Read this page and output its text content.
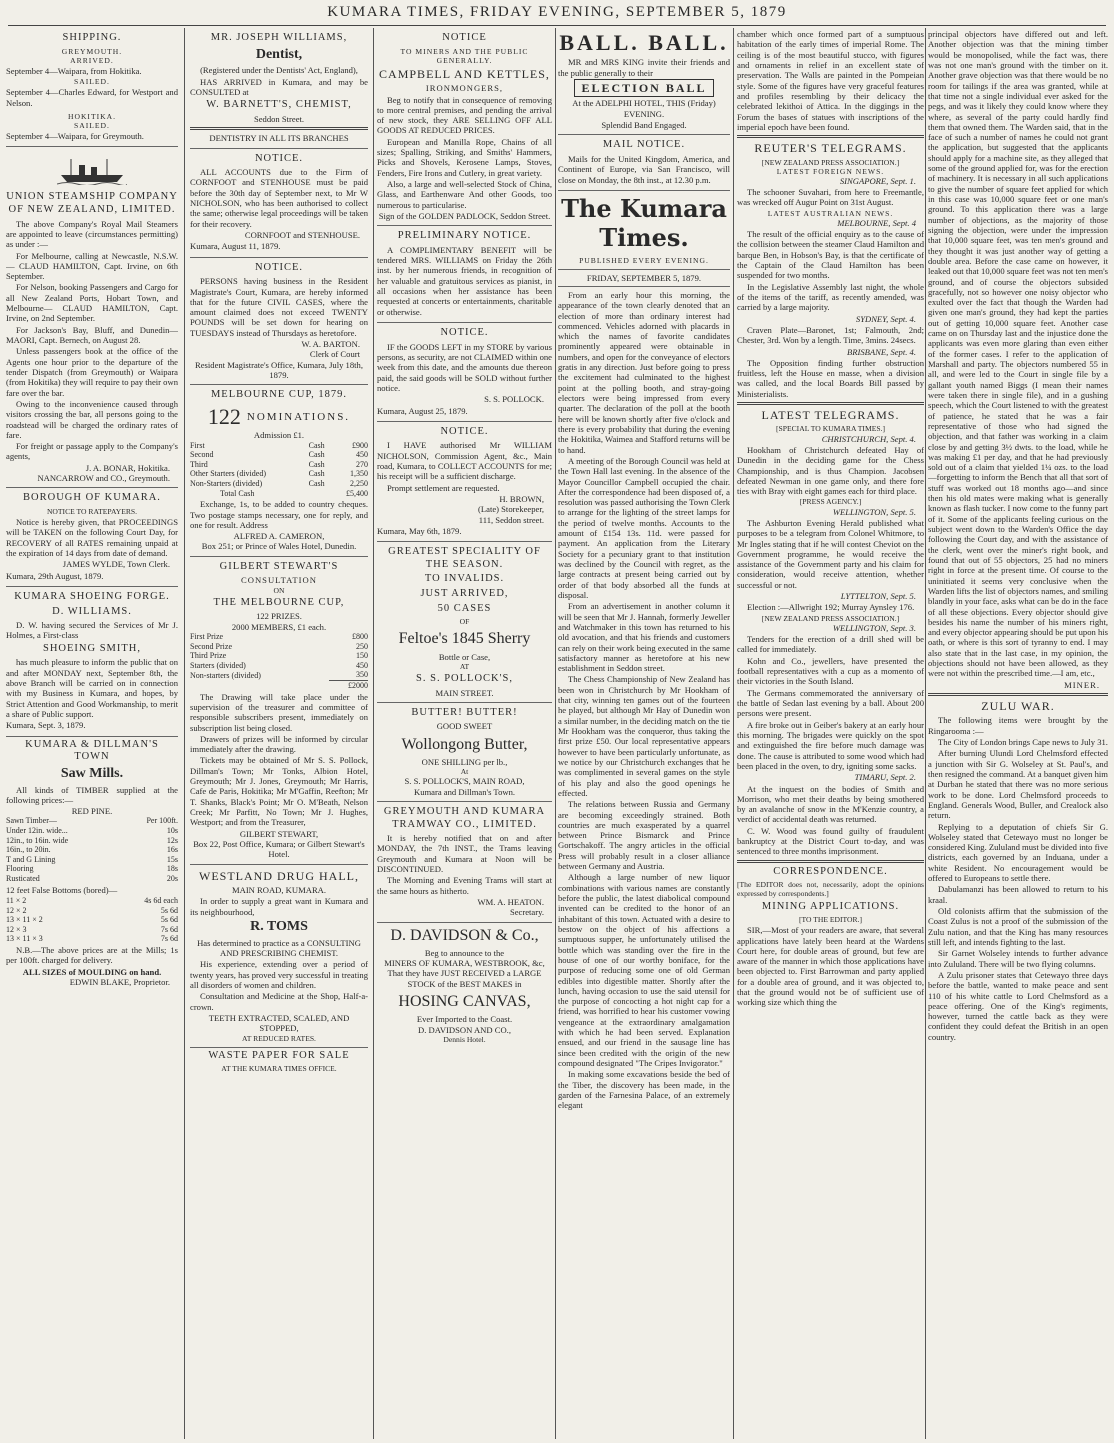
KUMARA TIMES, FRIDAY EVENING, SEPTEMBER 5, 1879
SHIPPING.
GREYMOUTH.
ARRIVED.

September 4—Waipara, from Hokitika.

SAILED.

September 4—Charles Edward, for Westport and Nelson.

HOKITIKA.
SAILED.

September 4—Waipara, for Greymouth.

UNION STEAMSHIP COMPANY OF NEW ZEALAND, LIMITED.

The above Company's Royal Mail Steamers are appointed to leave (circumstances permitting) as under :—

For Melbourne, calling at Newcastle, N.S.W.— CLAUD HAMILTON, Capt. Irvine, on 6th September.

For Nelson, booking Passengers and Cargo for all New Zealand Ports, Hobart Town, and Melbourne— CLAUD HAMILTON, Capt. Irvine, on 2nd September.

For Jackson's Bay, Bluff, and Dunedin— MAORI, Capt. Bernech, on August 28.

Unless passengers book at the office of the Agents one hour prior to the departure of the tender Dispatch (from Greymouth) or Waipara (from Hokitika) they will require to pay their own fare over the bar.

Owing to the inconvenience caused through visitors crossing the bar, all persons going to the roadstead will be charged the ordinary rates of fare.

For freight or passage apply to the Company's agents,

J. A. BONAR, Hokitika.
NANCARROW and CO., Greymouth.
BOROUGH OF KUMARA.
NOTICE TO RATEPAYERS.

Notice is hereby given, that PROCEEDINGS will be TAKEN on the following Court Day, for RECOVERY of all RATES remaining unpaid at the expiration of 14 days from date of demand.

JAMES WYLDE, Town Clerk.

Kumara, 29th August, 1879.

KUMARA SHOEING FORGE.
D. WILLIAMS.

D. W. having secured the Services of Mr J. Holmes, a First-class

SHOEING SMITH,

has much pleasure to inform the public that on and after MONDAY next, September 8th, the above Branch will be carried on in connection with my Business in Kumara, and hopes, by Strict Attention and Good Workmanship, to merit a share of Public support.

Kumara, Sept. 3, 1879.

KUMARA & DILLMAN'S TOWN
Saw Mills.

All kinds of TIMBER supplied at the following prices:—

RED PINE.
Sawn Timber—	Per 100ft.
Under 12in. wide...	10s
12in., to 16in. wide	12s
16in., to 20in.	16s
T and G Lining	15s
Flooring	18s
Rusticated	20s

12 feet False Bottoms (bored)—

11 × 2	4s 6d each
12 × 2	5s 6d
13 × 11 × 2	5s 6d
12 × 3	7s 6d
13 × 11 × 3	7s 6d

N.B.—The above prices are at the Mills; 1s per 100ft. charged for delivery.

ALL SIZES of MOULDING on hand.
EDWIN BLAKE, Proprietor.
MR. JOSEPH WILLIAMS,
Dentist,
(Registered under the Dentists' Act, England),

HAS ARRIVED in Kumara, and may be CONSULTED at

W. BARNETT'S, CHEMIST,
Seddon Street.
DENTISTRY IN ALL ITS BRANCHES
NOTICE.

ALL ACCOUNTS due to the Firm of CORNFOOT and STENHOUSE must be paid before the 30th day of September next, to Mr W NICHOLSON, who has been authorised to collect the same; otherwise legal proceedings will be taken for their recovery.

CORNFOOT and STENHOUSE.

Kumara, August 11, 1879.

NOTICE.

PERSONS having business in the Resident Magistrate's Court, Kumara, are hereby informed that for the future CIVIL CASES, where the amount claimed does not exceed TWENTY POUNDS will be set down for hearing on TUESDAYS instead of Thursdays as heretofore.

W. A. BARTON.
Clerk of Court
Resident Magistrate's Office, Kumara, July 18th, 1879.
MELBOURNE CUP, 1879.
122 NOMINATIONS.
Admission £1.
First	Cash	£900
Second	Cash	450
Third	Cash	270
Other Starters (divided)	Cash	1,350
Non-Starters (divided)	Cash	2,250
Total Cash		£5,400

Exchange, 1s, to be added to country cheques. Two postage stamps necessary, one for reply, and one for result. Address

ALFRED A. CAMERON,
Box 251; or Prince of Wales Hotel, Dunedin.
GILBERT STEWART'S
CONSULTATION
ON
THE MELBOURNE CUP,
122 PRIZES.
2000 MEMBERS, £1 each.
First Prize	£800
Second Prize	250
Third Prize	150
Starters (divided)	450
Non-starters (divided)	350
	£2000

The Drawing will take place under the supervision of the treasurer and committee of responsible subscribers present, immediately on subscription list being closed.

Drawers of prizes will be informed by circular immediately after the drawing.

Tickets may be obtained of Mr S. S. Pollock, Dillman's Town; Mr Tonks, Albion Hotel, Greymouth; Mr J. Jones, Greymouth; Mr Harris, Cafe de Paris, Hokitika; Mr M'Gaffin, Reefton; Mr T. Shanks, Black's Point; Mr O. M'Beath, Nelson Creek; Mr Parfitt, No Town; Mr J. Hughes, Westport; and from the Treasurer,

GILBERT STEWART,
Box 22, Post Office, Kumara; or Gilbert Stewart's Hotel.
WESTLAND DRUG HALL,
MAIN ROAD, KUMARA.

In order to supply a great want in Kumara and its neighbourhood,

R. TOMS
Has determined to practice as a CONSULTING AND PRESCRIBING CHEMIST.

His experience, extending over a period of twenty years, has proved very successful in treating all disorders of women and children.

Consultation and Medicine at the Shop, Half-a-crown.

TEETH EXTRACTED, SCALED, AND STOPPED,
AT REDUCED RATES.
WASTE PAPER FOR SALE
AT THE KUMARA TIMES OFFICE.
NOTICE
TO MINERS AND THE PUBLIC GENERALLY.
CAMPBELL AND KETTLES,
IRONMONGERS,

Beg to notify that in consequence of removing to more central premises, and pending the arrival of new stock, they ARE SELLING OFF ALL GOODS AT REDUCED PRICES.

European and Manilla Rope, Chains of all sizes; Spalling, Striking, and Smiths' Hammers, Picks and Shovels, Kerosene Lamps, Stoves, Fenders, Fire Irons and Cutlery, in great variety.

Also, a large and well-selected Stock of China, Glass, and Earthenware And other Goods, too numerous to particularise.

Sign of the GOLDEN PADLOCK, Seddon Street.
PRELIMINARY NOTICE.

A COMPLIMENTARY BENEFIT will be tendered MRS. WILLIAMS on Friday the 26th inst. by her numerous friends, in recognition of her valuable and gratuitous services as pianist, in all occasions when her assistance has been requested at concerts or entertainments, charitable or otherwise.

NOTICE.

IF the GOODS LEFT in my STORE by various persons, as security, are not CLAIMED within one week from this date, and the amounts due thereon paid, the said goods will be SOLD without further notice.

S. S. POLLOCK.

Kumara, August 25, 1879.

NOTICE.

I HAVE authorised Mr WILLIAM NICHOLSON, Commission Agent, &c., Main road, Kumara, to COLLECT ACCOUNTS for me; his receipt will be a sufficient discharge.

Prompt settlement are requested.

H. BROWN,
(Late) Storekeeper,
111, Seddon street.

Kumara, May 6th, 1879.

GREATEST SPECIALITY OF THE SEASON.
TO INVALIDS.
JUST ARRIVED,
50 CASES
OF
Feltoe's 1845 Sherry
Bottle or Case,
AT
S. S. POLLOCK'S,
MAIN STREET.
BUTTER! BUTTER!
GOOD SWEET
Wollongong Butter,
ONE SHILLING per lb.,
At
S. S. POLLOCK'S, MAIN ROAD,
Kumara and Dillman's Town.
GREYMOUTH AND KUMARA TRAMWAY CO., LIMITED.

It is hereby notified that on and after MONDAY, the 7th INST., the Trams leaving Greymouth and Kumara at Noon will be DISCONTINUED.

The Morning and Evening Trams will start at the same hours as hitherto.

WM. A. HEATON.
Secretary.
D. DAVIDSON & Co.,
Beg to announce to the
MINERS OF KUMARA, WESTBROOK, &c,
That they have JUST RECEIVED a LARGE STOCK of the BEST MAKES in
HOSING CANVAS,
Ever Imported to the Coast.
D. DAVIDSON AND CO.,
Dennis Hotel.
BALL. BALL.

MR and MRS KING invite their friends and the public generally to their

ELECTION BALL

At the ADELPHI HOTEL, THIS (Friday) EVENING.

Splendid Band Engaged.
MAIL NOTICE.

Mails for the United Kingdom, America, and Continent of Europe, via San Francisco, will close on Monday, the 8th inst., at 12.30 p.m.

The Kumara Times.
PUBLISHED EVERY EVENING.
FRIDAY, SEPTEMBER 5, 1879.

From an early hour this morning, the appearance of the town clearly denoted that an election of more than ordinary interest had commenced. Vehicles adorned with placards in which the names of favorite candidates prominently appeared were obtainable in numbers, and open for the conveyance of electors gratis in any direction. Just before going to press the excitement had culminated to the highest point at the polling booth, and stray-going electors were being impressed from every quarter. The declaration of the poll at the booth here will be known shortly after five o'clock and there is every probability that during the evening the Hokitika, Waimea and Stafford returns will be to hand.

A meeting of the Borough Council was held at the Town Hall last evening. In the absence of the Mayor Councillor Campbell occupied the chair. After the correspondence had been disposed of, a resolution was passed authorising the Town Clerk to arrange for the lighting of the street lamps for the period of twelve months. Accounts to the amount of £154 13s. 11d. were passed for payment. An application from the Literary Society for a pecuniary grant to that institution was declined by the Council with regret, as the large contracts at present being carried out by order of that body absorbed all the funds at disposal.

From an advertisement in another column it will be seen that Mr J. Hannah, formerly Jeweller and Watchmaker in this town has returned to his old avocation, and that his friends and customers can rely on their work being executed in the same satisfactory manner as heretofore at his new establishment in Seddon street.

The Chess Championship of New Zealand has been won in Christchurch by Mr Hookham of that city, winning ten games out of the fourteen he played, but although Mr Hay of Dunedin won a similar number, in the deciding match on the tie Mr Hookham was the conqueror, thus taking the first prize £50. Our local representative appears however to have been particularly unfortunate, as we notice by our Christchurch exchanges that he was complimented in several games on the style of his play and also the good openings he effected.

The relations between Russia and Germany are becoming exceedingly strained. Both countries are much exasperated by a quarrel between Prince Bismarck and Prince Gortschakoff. The angry articles in the official Press will probably result in a closer alliance between Germany and Austria.

Although a large number of new liquor combinations with various names are constantly before the public, the latest diabolical compound invented can be credited to the honor of an inhabitant of this town. Actuated with a desire to bestow on the object of his affections a sumptuous supper, he unfortunately utilised the bottle which was standing over the fire in the house of one of our worthy boniface, for the purpose of reducing some one of old German edibles into digestible matter. Shortly after the lunch, having occasion to use the said utensil for the purpose of concocting a hot night cap for a friend, was horrified to hear his customer vowing vengeance at the extraordinary amalgamation with which he had been served. Explanation ensued, and our friend in the sausage line has since been credited with the origin of the new compound designated "The Cripes Invigorator."

In making some excavations beside the bed of the Tiber, the discovery has been made, in the garden of the Farnesina Palace, of an extremely elegant

chamber which once formed part of a sumptuous habitation of the early times of imperial Rome. The ceiling is of the most beautiful stucco, with figures and ornaments in relief in an excellent state of preservation. The Walls are painted in the Pompeian style. Some of the figures have very graceful features and profiles resembling by their delicacy the celebrated lekithoi of Attica. In the diggings in the Forum the bases of statues with inscriptions of the imperial epoch have been found.

REUTER'S TELEGRAMS.
[NEW ZEALAND PRESS ASSOCIATION.]
LATEST FOREIGN NEWS.
SINGAPORE, Sept. 1.

The schooner Suvahari, from here to Freemantle, was wrecked off Augur Point on 31st August.

LATEST AUSTRALIAN NEWS.
MELBOURNE, Sept. 4

The result of the official enquiry as to the cause of the collision between the steamer Claud Hamilton and barque Ben, in Hobson's Bay, is that the certificate of the Captain of the Claud Hamilton has been suspended for two months.

In the Legislative Assembly last night, the whole of the items of the tariff, as recently amended, was carried by a large majority.

SYDNEY, Sept. 4.

Craven Plate—Baronet, 1st; Falmouth, 2nd; Chester, 3rd. Won by a length. Time, 3mins. 24secs.

BRISBANE, Sept. 4.

The Opposition finding further obstruction fruitless, left the House en masse, when a division was called, and the local Boards Bill passed by Ministerialists.

LATEST TELEGRAMS.
[SPECIAL TO KUMARA TIMES.]
CHRISTCHURCH, Sept. 4.

Hookham of Christchurch defeated Hay of Dunedin in the deciding game for the Chess Championship, and is thus Champion. Jacobsen defeated Newman in one game only, and there fore ties with Bray with eight games each for third place.

[PRESS AGENCY.]
WELLINGTON, Sept. 5.

The Ashburton Evening Herald published what purposes to be a telegram from Colonel Whitmore, to Mr Ingles stating that if he will contest Cheviot on the Government programme, he would receive the assistance of the Government party and his claim for consideration, would receive attention, whether successful or not.

LYTTELTON, Sept. 5.

Election :—Allwright 192; Murray Aynsley 176.

[NEW ZEALAND PRESS ASSOCIATION.]
WELLINGTON, Sept. 3.

Tenders for the erection of a drill shed will be called for immediately.

Kohn and Co., jewellers, have presented the football representatives with a cup as a momento of their victories in the South Island.

The Germans commemorated the anniversary of the battle of Sedan last evening by a ball. About 200 persons were present.

A fire broke out in Geiber's bakery at an early hour this morning. The brigades were quickly on the spot and extinguished the fire before much damage was done. The cause is attributed to some wood which had been placed in the oven, to dry, igniting some sacks.

TIMARU, Sept. 2.

At the inquest on the bodies of Smith and Morrison, who met their deaths by being smothered by an avalanche of snow in the M'Kenzie country, a verdict of accidental death was returned.

C. W. Wood was found guilty of fraudulent bankruptcy at the District Court to-day, and was sentenced to three months imprisonment.

CORRESPONDENCE.

[The EDITOR does not, necessarily, adopt the opinions expressed by correspondents.]

MINING APPLICATIONS.
[TO THE EDITOR.]

SIR,—Most of your readers are aware, that several applications have lately been heard at the Wardens Court here, for double areas of ground, but few are aware of the manner in which those applications have been objected to. First Barrowman and party applied for a double area of ground, and it was objected to, that the ground would not be of sufficient use of working size which thing the

principal objectors have differed out and left. Another objection was that the mining timber would be monopolised, while the fact was, there was not one man's ground with the timber on it. Another grave objection was that there would be no room for tailings if the area was granted, while at that time not a single individual ever asked for the pegs, and was it likely they could know where they where, as several of the party could hardly find them that owned them. The Warden said, that in the face of such a number of names he could not grant the application, but suggested that the applicants should apply for a machine site, as they alleged that some of the ground applied for, was for the erection of machinery. It is necessary in all such applications to give the number of square feet applied for which in this case was 10,000 square feet or one man's ground. To this application there was a large number of objections, as the majority of those signing the objection, were under the impression that 10,000 square feet, was ten men's ground and they thought it was just another way of getting a double area. Before the case came on however, it leaked out that 10,000 square feet was not ten men's ground, and of course the objectors subsided gracefully, not so however one noisy objector who exulted over the fact that though the Warden had given one man's ground, they had kept the parties out of getting 10,000 square feet. Another case came on on Thursday last and the injustice done the applicants was even more glaring than even either of the former cases. I refer to the application of Marshall and party. The objectors numbered 55 in all, and were led to the Court in single file by a gallant youth named Biggs (I mean their names were taken there in single file), and in a gushing speech, which the Court listened to with the greatest of patience, he stated that he was a fair representative of those who had signed the objection, and that father was working in a claim close by and getting 3½ dwts. to the load, while he was making £1 per day, and that he had previously sold out of a claim that yielded 1¼ ozs. to the load—forgetting to inform the Bench that all that sort of stuff was worked out 18 months ago—and since then his old mates were making what is generally known as flash tucker. I now come to the funny part of it. Some of the applicants feeling curious on the subject went down to the Warden's Office the day following the Court day, and with the assistance of the clerk, went over the miner's right book, and found that out of 55 objectors, 25 had no miners right in force at the present time. Of course to the uninitiated it seems very conclusive when the Warden lifts the list of objectors names, and smiling blandly in your face, asks what can be do in the face of all these objections. Every objector should give besides his name the number of his miners right, and every objector appearing should be put upon his oath, or where is this sort of tyranny to end. I may also state that in the last case, in my opinion, the objections should not have been allowed, as they were not within the prescribed time.—I am, etc.,

MINER.
ZULU WAR.

The following items were brought by the Ringarooma :—

The City of London brings Cape news to July 31.

After burning Ulundi Lord Chelmsford effected a junction with Sir G. Wolseley at St. Paul's, and then resigned the command. At a banquet given him at Durban he stated that there was no more serious work to be done. Lord Chelmsford proceeds to England. Generals Wood, Buller, and Crealock also return.

Replying to a deputation of chiefs Sir G. Wolseley stated that Cetewayo must no longer be considered King. Zululand must be divided into five districts, each governed by an Induana, under a white Resident. No encouragement would be offered to Europeans to settle there.

Dabulamanzi has been allowed to return to his kraal.

Old colonists affirm that the submission of the Coast Zulus is not a proof of the submission of the Zulu nation, and that the King has many resources still left, and intends fighting to the last.

Sir Garnet Wolseley intends to further advance into Zululand. There will be two flying columns.

A Zulu prisoner states that Cetewayo three days before the battle, wanted to make peace and sent 110 of his white cattle to Lord Chelmsford as a peace offering. One of the King's regiments, however, turned the cattle back as they were confident they could defeat the British in an open country.
